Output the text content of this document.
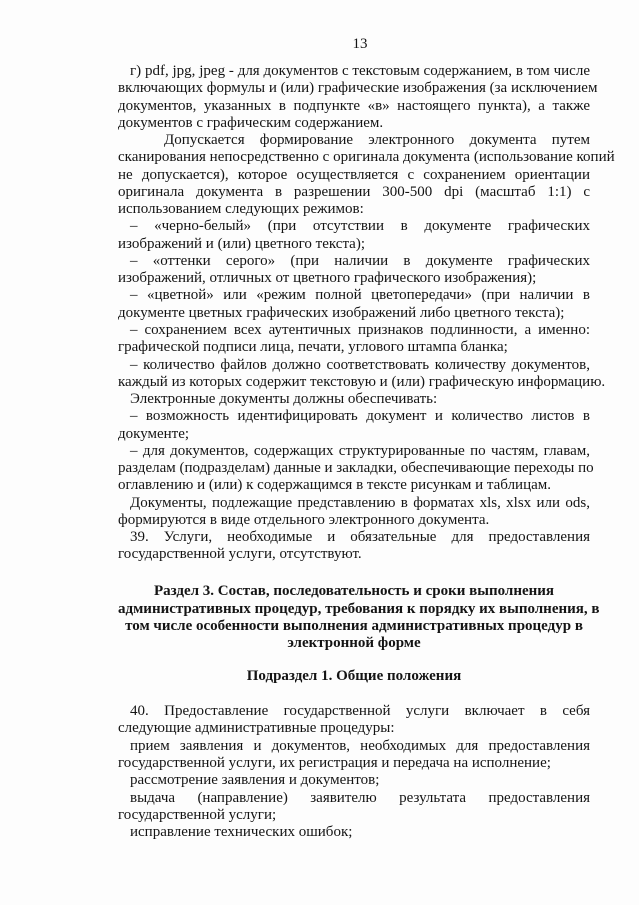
13
г) pdf, jpg, jpeg - для документов с текстовым содержанием, в том числе
включающих формулы и (или) графические изображения (за исключением
документов, указанных в подпункте «в» настоящего пункта), а также
документов с графическим содержанием.
Допускается формирование электронного документа путем
сканирования непосредственно с оригинала документа (использование копий
не допускается), которое осуществляется с сохранением ориентации
оригинала документа в разрешении 300-500 dpi (масштаб 1:1) с
использованием следующих режимов:
– «черно-белый» (при отсутствии в документе графических
изображений и (или) цветного текста);
– «оттенки серого» (при наличии в документе графических
изображений, отличных от цветного графического изображения);
– «цветной» или «режим полной цветопередачи» (при наличии в
документе цветных графических изображений либо цветного текста);
– сохранением всех аутентичных признаков подлинности, а именно:
графической подписи лица, печати, углового штампа бланка;
– количество файлов должно соответствовать количеству документов,
каждый из которых содержит текстовую и (или) графическую информацию.
Электронные документы должны обеспечивать:
– возможность идентифицировать документ и количество листов в
документе;
– для документов, содержащих структурированные по частям, главам,
разделам (подразделам) данные и закладки, обеспечивающие переходы по
оглавлению и (или) к содержащимся в тексте рисункам и таблицам.
Документы, подлежащие представлению в форматах xls, xlsx или ods,
формируются в виде отдельного электронного документа.
39. Услуги, необходимые и обязательные для предоставления
государственной услуги, отсутствуют.
Раздел 3. Состав, последовательность и сроки выполнения
административных процедур, требования к порядку их выполнения, в
том числе особенности выполнения административных процедур в
электронной форме
Подраздел 1. Общие положения
40. Предоставление государственной услуги включает в себя
следующие административные процедуры:
прием заявления и документов, необходимых для предоставления
государственной услуги, их регистрация и передача на исполнение;
рассмотрение заявления и документов;
выдача (направление) заявителю результата предоставления
государственной услуги;
исправление технических ошибок;
